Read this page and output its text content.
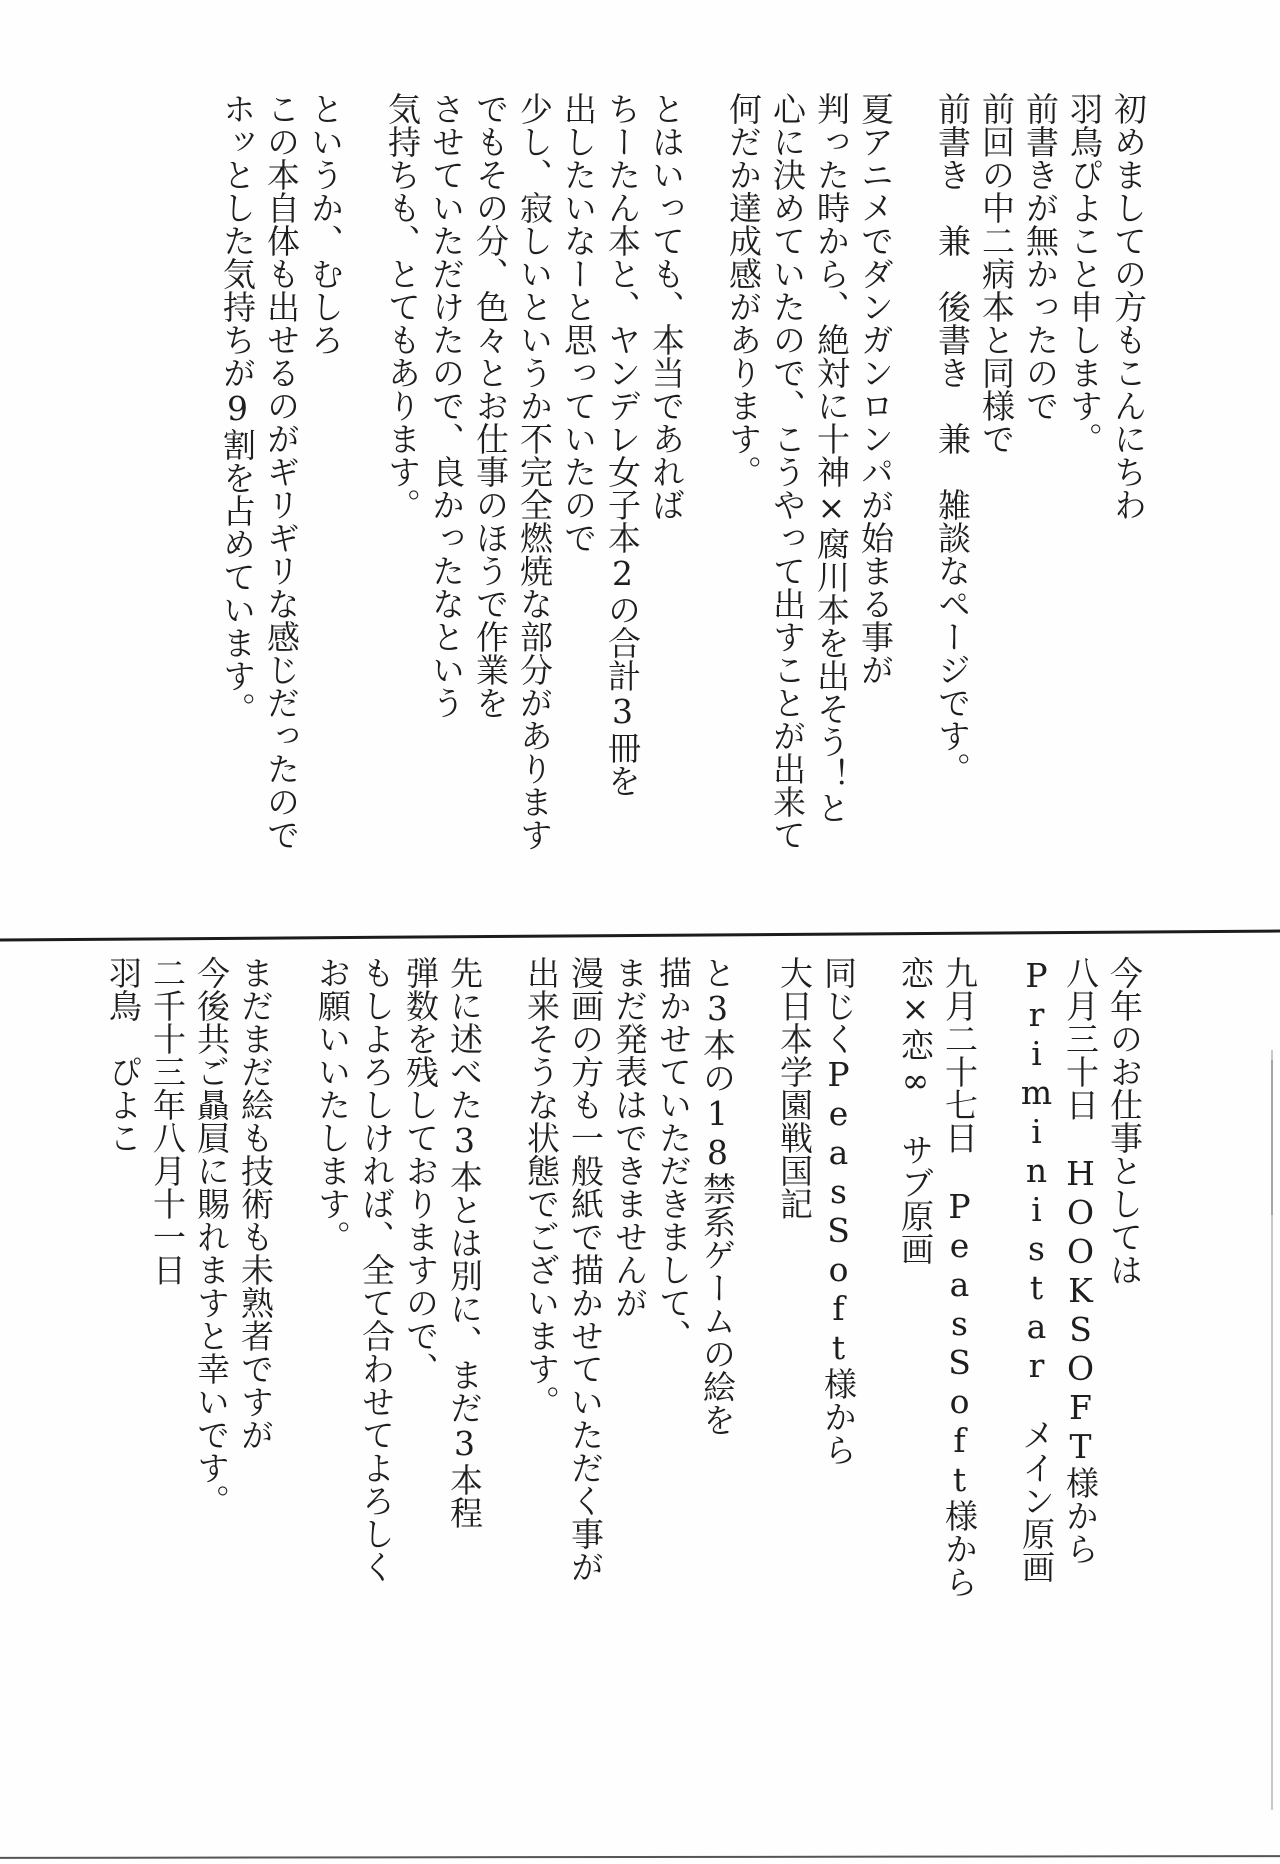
初めましての方もこんにちわ

羽鳥ぴよこと申します。

前書きが無かったので

前回の中二病本と同様で

前書き　兼　後書き　兼　雑談なページです。

夏アニメでダンガンロンパが始まる事が

判った時から、絶対に十神×腐川本を出そう！と

心に決めていたので、こうやって出すことが出来て

何だか達成感があります。

とはいっても、本当であれば

ちーたん本と、ヤンデレ女子本2の合計3冊を

出したいなーと思っていたので

少し、寂しいというか不完全燃焼な部分があります

でもその分、色々とお仕事のほうで作業を

させていただけたので、良かったなという

気持ちも、とてもあります。

というか、むしろ

この本自体も出せるのがギリギリな感じだったので

ホッとした気持ちが9割を占めています。

今年のお仕事としては

八月三十日　HOOKSOFT様から

Priministar　メイン原画

九月二十七日　PeasSoft様から

恋×恋∞　サブ原画

同じくPeasSoft様から

大日本学園戦国記

と3本の18禁系ゲームの絵を

描かせていただきまして、

まだ発表はできませんが

漫画の方も一般紙で描かせていただく事が

出来そうな状態でございます。

先に述べた3本とは別に、まだ3本程

弾数を残しておりますので、

もしよろしければ、全て合わせてよろしく

お願いいたします。

まだまだ絵も技術も未熟者ですが

今後共ご贔屓に賜れますと幸いです。

二千十三年八月十一日

羽鳥　ぴよこ
